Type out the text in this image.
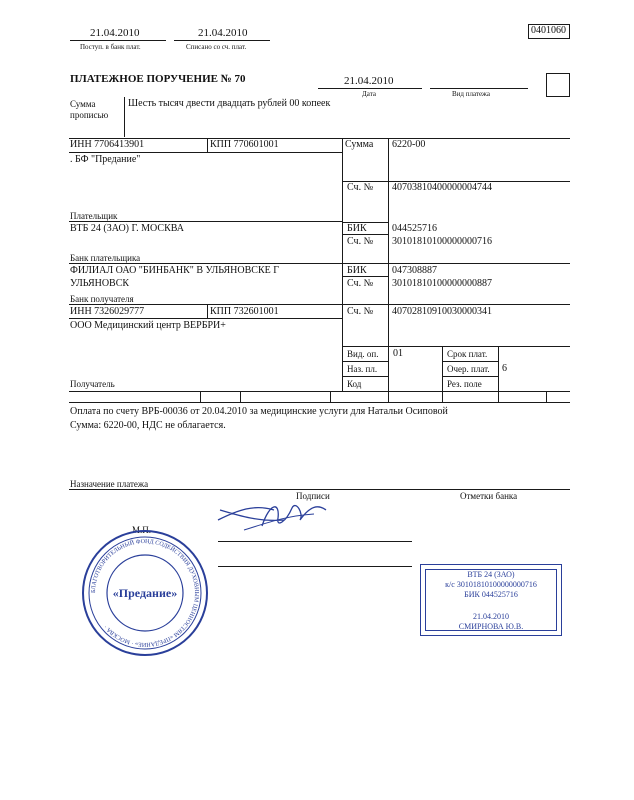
21.04.2010
Поступ. в банк плат.
21.04.2010
Списано со сч. плат.
0401060
ПЛАТЕЖНОЕ ПОРУЧЕНИЕ № 70	21.04.2010
Дата	Вид платежа
Сумма прописью
Шесть тысяч двести двадцать рублей 00 копеек
ИНН 7706413901	КПП 770601001
. БФ "Предание"
Плательщик
Сумма 6220-00
Сч. № 40703810400000004744
ВТБ 24 (ЗАО) Г. МОСКВА
Банк плательщика
БИК	044525716
Сч. № 30101810100000000716
ФИЛИАЛ ОАО "БИНБАНК" В УЛЬЯНОВСКЕ Г
УЛЬЯНОВСК
Банк получателя
БИК	047308887
Сч. № 30101810100000000887
ИНН 7326029777	КПП 732601001
ООО Медицинский центр ВЕРБРИ+
Получатель
Сч. № 40702810910030000341
Вид. оп. 01	Срок плат.
Наз. пл.	Очер. плат. 6
Код	Рез. поле
Оплата по счету ВРБ-00036 от 20.04.2010 за медицинские услуги для Натальи Осиповой
Сумма: 6220-00, НДС не облагается.
Назначение платежа
Подписи	Отметки банка
М.П.
БЛАГОТВОРИТЕЛЬНЫЙ ФОНД СОДЕЙСТВИЯ ДУХОВНЫМ ЦЕННОСТЯМ «ПРЕДАНИЕ» · МОСКВА ·
«Предание»
ВТБ 24 (ЗАО)
к/с 30101810100000000716
БИК 044525716
21.04.2010
СМИРНОВА Ю.В.
